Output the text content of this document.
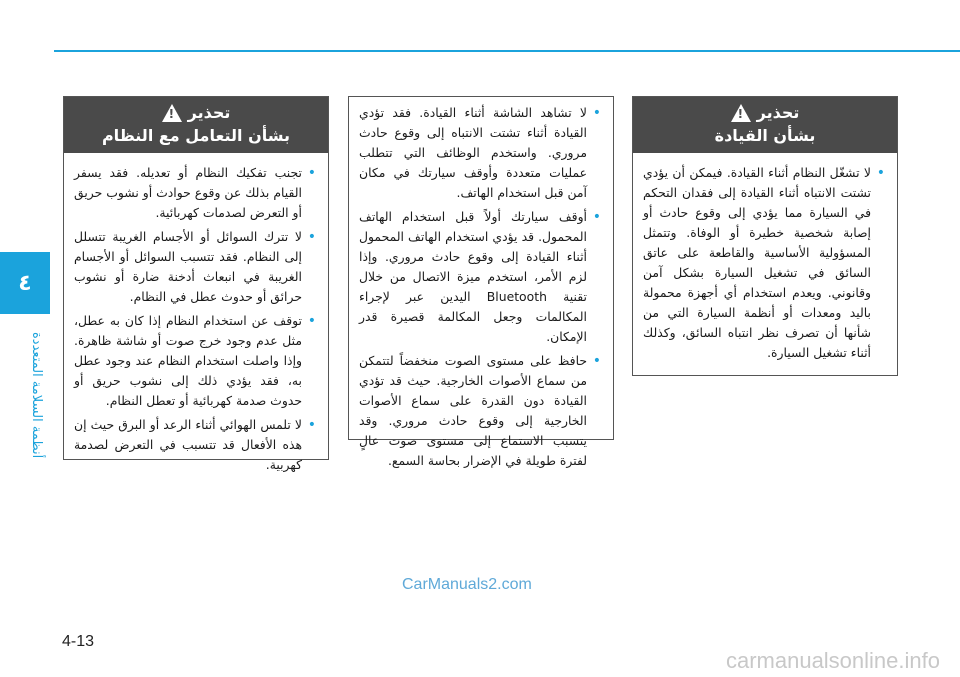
٤
أنظمة السلامة المتعددة
تحذير
!
بشأن القيادة
• لا تشغّل النظام أثناء القيادة. فيمكن أن يؤدي تشتت الانتباه أثناء القيادة إلى فقدان التحكم في السيارة مما يؤدي إلى وقوع حادث أو إصابة شخصية خطيرة أو الوفاة. وتتمثل المسؤولية الأساسية والقاطعة على عاتق السائق في تشغيل السيارة بشكل آمن وقانوني. ويعدم استخدام أي أجهزة محمولة باليد ومعدات أو أنظمة السيارة التي من شأنها أن تصرف نظر انتباه السائق، وكذلك أثناء تشغيل السيارة.
• لا تشاهد الشاشة أثناء القيادة. فقد تؤدي القيادة أثناء تشتت الانتباه إلى وقوع حادث مروري. واستخدم الوظائف التي تتطلب عمليات متعددة وأوقف سيارتك في مكان آمن قبل استخدام الهاتف.
• أوقف سيارتك أولاً قبل استخدام الهاتف المحمول. قد يؤدي استخدام الهاتف المحمول أثناء القيادة إلى وقوع حادث مروري. وإذا لزم الأمر، استخدم ميزة الاتصال من خلال تقنية Bluetooth اليدين عبر لإجراء المكالمات وجعل المكالمة قصيرة قدر الإمكان.
• حافظ على مستوى الصوت منخفضاً لتتمكن من سماع الأصوات الخارجية. حيث قد تؤدي القيادة دون القدرة على سماع الأصوات الخارجية إلى وقوع حادث مروري. وقد يتسبب الاستماع إلى مستوى صوت عالٍ لفترة طويلة في الإضرار بحاسة السمع.
تحذير
!
بشأن التعامل مع النظام
• تجنب تفكيك النظام أو تعديله. فقد يسفر القيام بذلك عن وقوع حوادث أو نشوب حريق أو التعرض لصدمات كهربائية.
• لا تترك السوائل أو الأجسام الغريبة تتسلل إلى النظام. فقد تتسبب السوائل أو الأجسام الغريبة في انبعاث أدخنة ضارة أو نشوب حرائق أو حدوث عطل في النظام.
• توقف عن استخدام النظام إذا كان به عطل، مثل عدم وجود خرج صوت أو شاشة ظاهرة. وإذا واصلت استخدام النظام عند وجود عطل به، فقد يؤدي ذلك إلى نشوب حريق أو حدوث صدمة كهربائية أو تعطل النظام.
• لا تلمس الهوائي أثناء الرعد أو البرق حيث إن هذه الأفعال قد تتسبب في التعرض لصدمة كهربية.
CarManuals2.com
4-13
carmanualsonline.info
